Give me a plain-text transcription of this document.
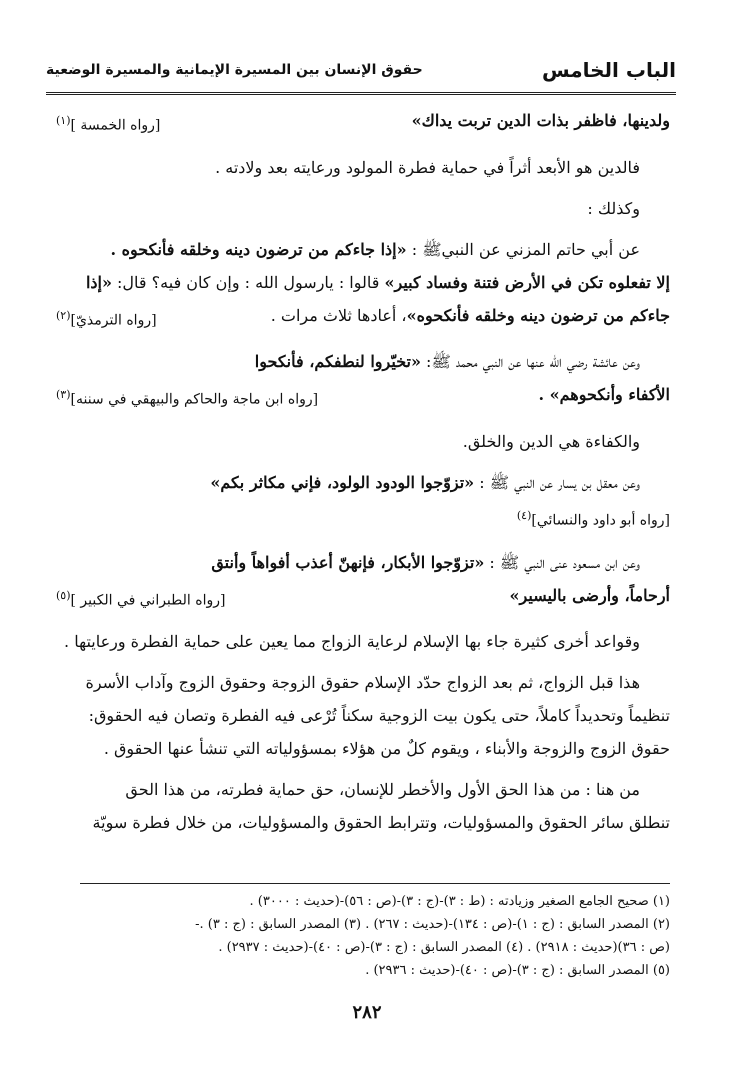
الباب الخامس
حقوق الإنسان بين المسيرة الإيمانية والمسيرة الوضعية
ولدينها، فاظفر بذات الدين تربت يداك»
[رواه الخمسة ]$^{(١)}$
فالدين هو الأبعد أثراً في حماية فطرة المولود ورعايته بعد ولادته .
وكذلك :
عن أبي حاتم المزني عن النبيﷺ : «إذا جاءكم من ترضون دينه وخلقه فأنكحوه .
إلا تفعلوه تكن في الأرض فتنة وفساد كبير» قالوا : يارسول الله : وإن كان فيه؟ قال: «إذا
جاءكم من ترضون دينه وخلقه فأنكحوه»، أعادها ثلاث مرات .
[رواه الترمذيّ]$^{(٢)}$
وعن عائشة رضي الله عنها عن النبي محمد ﷺ: «تخيّروا لنطفكم، فأنكحوا
الأكفاء وأنكحوهم» .
[رواه ابن ماجة والحاكم والبيهقي في سننه]$^{(٣)}$
والكفاءة هي الدين والخلق.
وعن معقل بن يسار عن النبي ﷺ : «تزوّجوا الودود الولود، فإني مكاثر بكم»
[رواه أبو داود والنسائي]$^{(٤)}$
وعن ابن مسعود عنى النبي ﷺ : «تزوّجوا الأبكار، فإنهنّ أعذب أفواهاً وأنتق
أرحاماً، وأرضى باليسير»
[رواه الطبراني في الكبير ]$^{(٥)}$
وقواعد أخرى كثيرة جاء بها الإسلام لرعاية الزواج مما يعين على حماية الفطرة ورعايتها .
هذا قبل الزواج، ثم بعد الزواج حدّد الإسلام حقوق الزوجة وحقوق الزوج وآداب الأسرة
تنظيماً وتحديداً كاملاً، حتى يكون بيت الزوجية سكناً تُرْعى فيه الفطرة وتصان فيه الحقوق:
حقوق الزوج والزوجة والأبناء ، ويقوم كلٌ من هؤلاء بمسؤولياته التي تنشأ عنها الحقوق .
من هنا : من هذا الحق الأول والأخطر للإنسان، حق حماية فطرته، من هذا الحق
تنطلق سائر الحقوق والمسؤوليات، وتترابط الحقوق والمسؤوليات، من خلال فطرة سويّة
(١) صحيح الجامع الصغير وزيادته : (ط : ٣)-(ج : ٣)-(ص : ٥٦)-(حديث : ٣٠٠٠) .
(٢) المصدر السابق : (ج : ١)-(ص : ١٣٤)-(حديث : ٢٦٧) . (٣) المصدر السابق : (ج : ٣) .-
(ص : ٣٦)(حديث : ٢٩١٨) . (٤) المصدر السابق : (ج : ٣)-(ص : ٤٠)-(حديث : ٢٩٣٧) .
(٥) المصدر السابق : (ج : ٣)-(ص : ٤٠)-(حديث : ٢٩٣٦) .
٢٨٢
